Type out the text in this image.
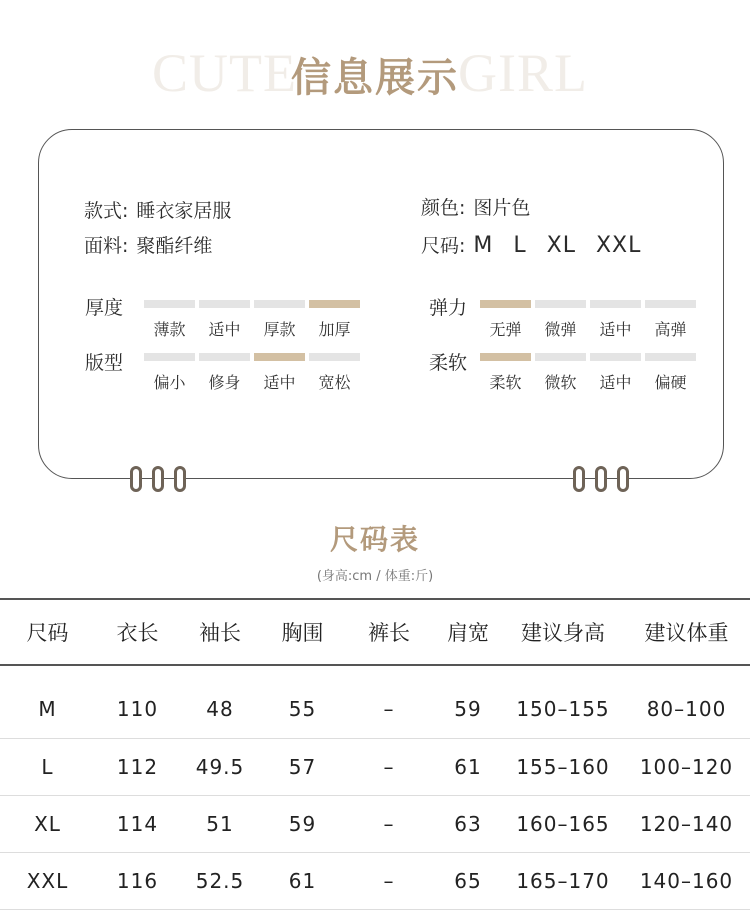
CUTE	GIRL
信息展示
款式: 睡衣家居服
面料: 聚酯纤维
颜色: 图片色
尺码: M L XL XXL
厚度
薄款	适中	厚款	加厚
版型
偏小	修身	适中	宽松
弹力
无弹	微弹	适中	高弹
柔软
柔软	微软	适中	偏硬
尺码表
(身高:cm / 体重:斤)
尺码	衣长	袖长	胸围	裤长	肩宽	建议身高	建议体重
M	110	48	55	–	59	150–155	80–100
L	112	49.5	57	–	61	155–160	100–120
XL	114	51	59	–	63	160–165	120–140
XXL	116	52.5	61	–	65	165–170	140–160
